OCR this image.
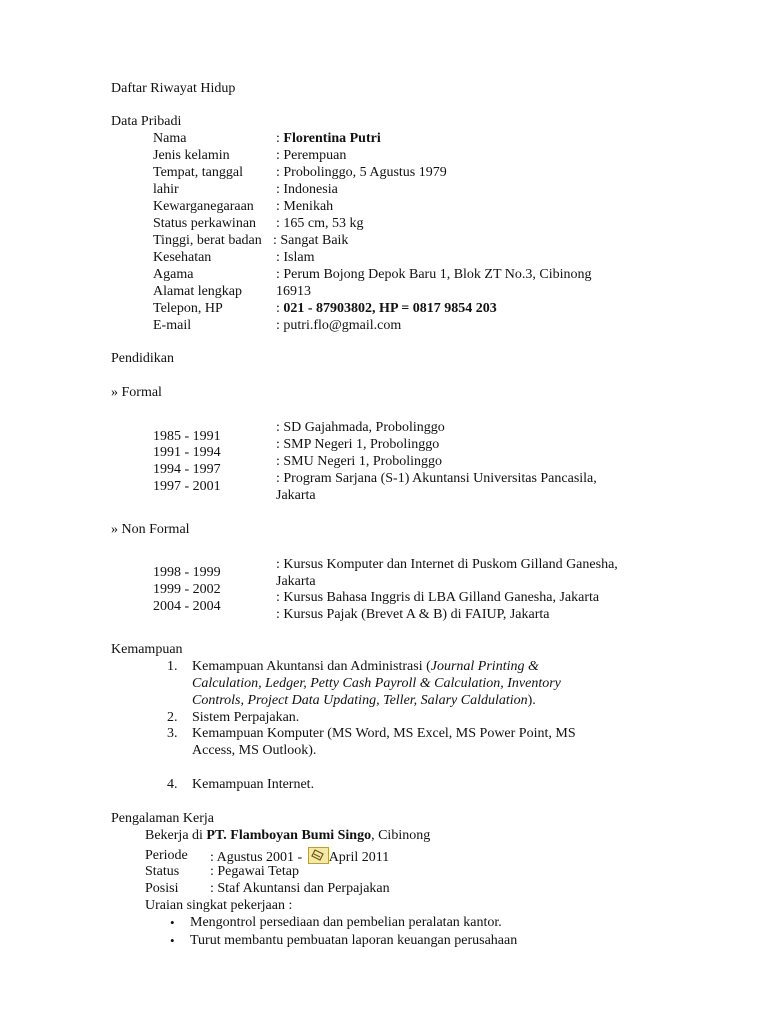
Daftar Riwayat Hidup
Data Pribadi
Nama
Jenis kelamin
Tempat, tanggal
lahir
Kewarganegaraan
Status perkawinan
Tinggi, berat badan
Kesehatan
Agama
Alamat lengkap
Telepon, HP
E-mail
: Florentina Putri
: Perempuan
: Probolinggo, 5 Agustus 1979
: Indonesia
: Menikah
: 165 cm, 53 kg
: Sangat Baik
: Islam
: Perum Bojong Depok Baru 1, Blok ZT No.3, Cibinong
16913
: 021 - 87903802, HP = 0817 9854 203
: putri.flo@gmail.com
Pendidikan
» Formal
1985 - 1991
1991 - 1994
1994 - 1997
1997 - 2001
: SD Gajahmada, Probolinggo
: SMP Negeri 1, Probolinggo
: SMU Negeri 1, Probolinggo
: Program Sarjana (S-1) Akuntansi Universitas Pancasila,
Jakarta
» Non Formal
1998 - 1999
1999 - 2002
2004 - 2004
: Kursus Komputer dan Internet di Puskom Gilland Ganesha,
Jakarta
: Kursus Bahasa Inggris di LBA Gilland Ganesha, Jakarta
: Kursus Pajak (Brevet A & B) di FAIUP, Jakarta
Kemampuan
1. Kemampuan Akuntansi dan Administrasi (Journal Printing &
Calculation, Ledger, Petty Cash Payroll & Calculation, Inventory
Controls, Project Data Updating, Teller, Salary Caldulation).
2. Sistem Perpajakan.
3. Kemampuan Komputer (MS Word, MS Excel, MS Power Point, MS
Access, MS Outlook).
4. Kemampuan Internet.
Pengalaman Kerja
Bekerja di PT. Flamboyan Bumi Singo, Cibinong
Periode
Status
Posisi
: Agustus 2001 - April 2011
: Pegawai Tetap
: Staf Akuntansi dan Perpajakan
Uraian singkat pekerjaan :
• Mengontrol persediaan dan pembelian peralatan kantor.
• Turut membantu pembuatan laporan keuangan perusahaan
